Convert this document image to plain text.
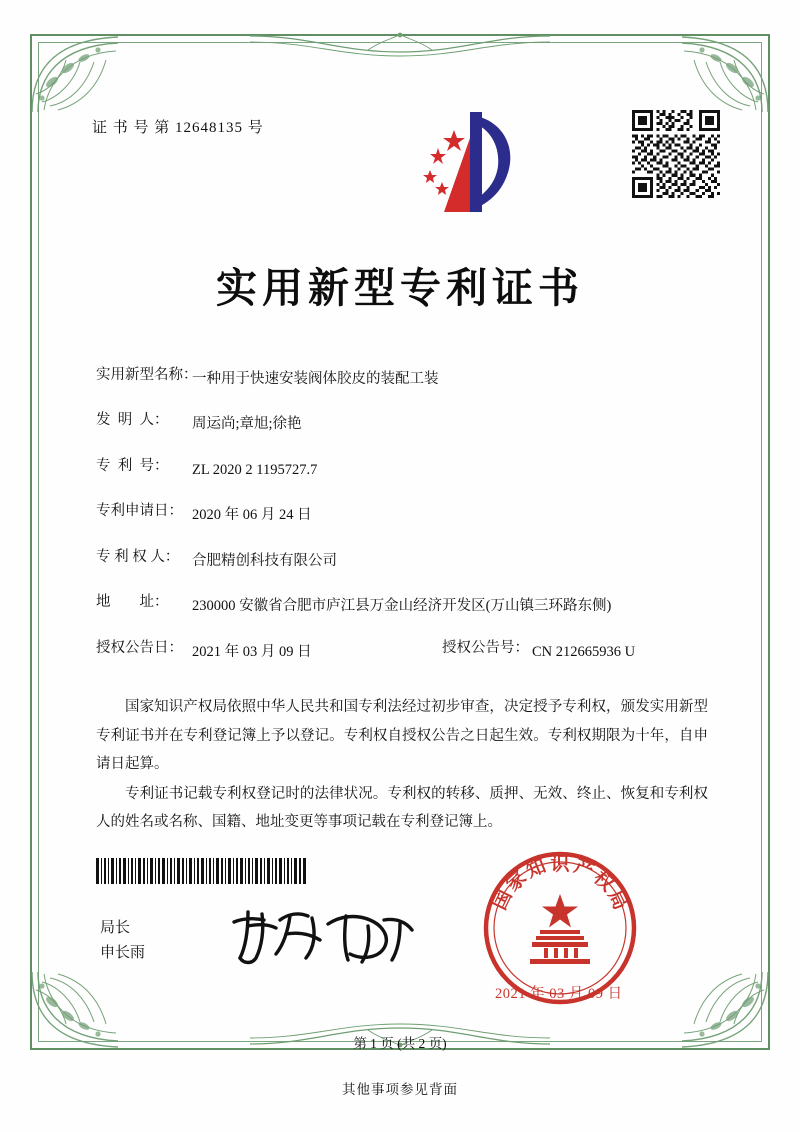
证 书 号 第 12648135 号
实用新型专利证书
实用新型名称：
一种用于快速安装阀体胶皮的装配工装
发  明  人：	周运尚;章旭;徐艳
专  利  号：	ZL 2020 2 1195727.7
专利申请日： 2020 年 06 月 24 日
专 利 权 人： 合肥精创科技有限公司
地        址：	230000 安徽省合肥市庐江县万金山经济开发区(万山镇三环路东侧)
授权公告日： 2021 年 03 月 09 日	授权公告号： CN 212665936 U

国家知识产权局依照中华人民共和国专利法经过初步审查，决定授予专利权，颁发实用新型专利证书并在专利登记簿上予以登记。专利权自授权公告之日起生效。专利权期限为十年，自申请日起算。

专利证书记载专利权登记时的法律状况。专利权的转移、质押、无效、终止、恢复和专利权人的姓名或名称、国籍、地址变更等事项记载在专利登记簿上。

局长
申长雨
国
家
知 识 产
权
局
2021 年 03 月 09 日
第 1 页 (共 2 页)
其他事项参见背面
